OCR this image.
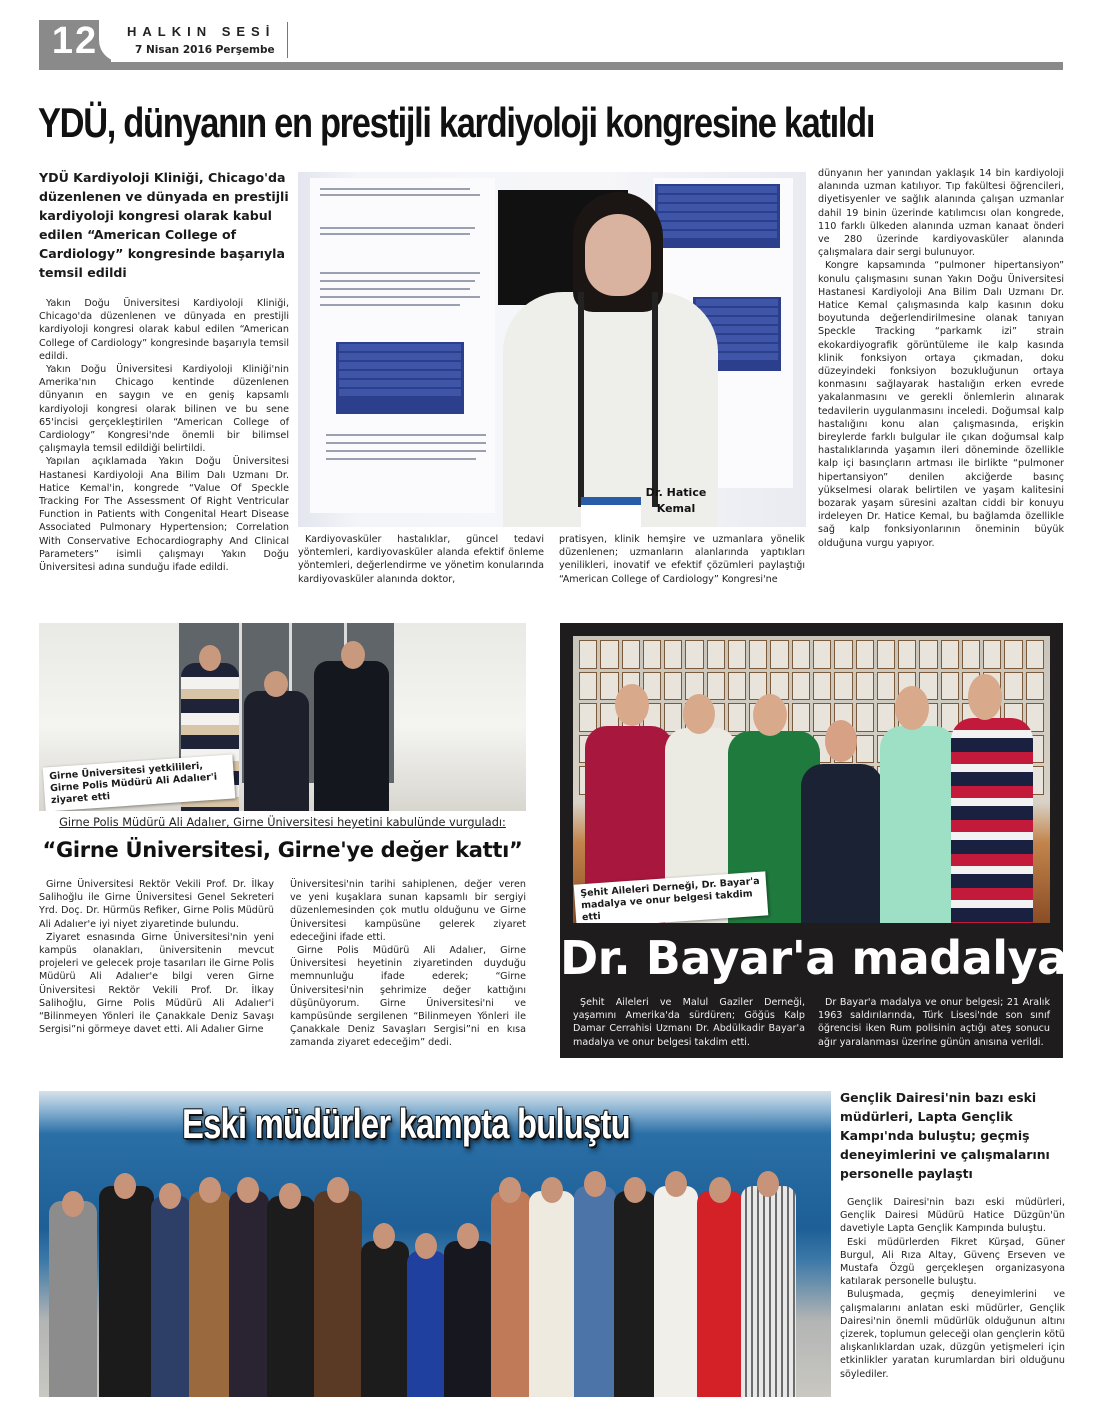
12	HALKIN SESİ
7 Nisan 2016 Perşembe
YDÜ, dünyanın en prestijli kardiyoloji kongresine katıldı
YDÜ Kardiyoloji Kliniği, Chicago'da düzenlenen ve dünyada en prestijli kardiyoloji kongresi olarak kabul edilen “American College of Cardiology” kongresinde başarıyla temsil edildi

Yakın Doğu Üniversitesi Kardiyoloji Kliniği, Chicago'da düzenlenen ve dünyada en prestijli kardiyoloji kongresi olarak kabul edilen “American College of Cardiology” kongresinde başarıyla temsil edildi.

Yakın Doğu Üniversitesi Kardiyoloji Kliniği'nin Amerika'nın Chicago kentinde düzenlenen dünyanın en saygın ve en geniş kapsamlı kardiyoloji kongresi olarak bilinen ve bu sene 65'incisi gerçekleştirilen “American College of Cardiology” Kongresi'nde önemli bir bilimsel çalışmayla temsil edildiği belirtildi.

Yapılan açıklamada Yakın Doğu Üniversitesi Hastanesi Kardiyoloji Ana Bilim Dalı Uzmanı Dr. Hatice Kemal'in, kongrede “Value Of Speckle Tracking For The Assessment Of Right Ventricular Function in Patients with Congenital Heart Disease Associated Pulmonary Hypertension; Correlation With Conservative Echocardiography And Clinical Parameters” isimli çalışmayı Yakın Doğu Üniversitesi adına sunduğu ifade edildi.

Dr. Hatice Kemal

Kardiyovasküler hastalıklar, güncel tedavi yöntemleri, kardiyovasküler alanda efektif önleme yöntemleri, değerlendirme ve yönetim konularında kardiyovasküler alanında doktor,

pratisyen, klinik hemşire ve uzmanlara yönelik düzenlenen; uzmanların alanlarında yaptıkları yenilikleri, inovatif ve efektif çözümleri paylaştığı “American College of Cardiology” Kongresi'ne

dünyanın her yanından yaklaşık 14 bin kardiyoloji alanında uzman katılıyor. Tıp fakültesi öğrencileri, diyetisyenler ve sağlık alanında çalışan uzmanlar dahil 19 binin üzerinde katılımcısı olan kongrede, 110 farklı ülkeden alanında uzman kanaat önderi ve 280 üzerinde kardiyovasküler alanında çalışmalara dair sergi bulunuyor.

Kongre kapsamında “pulmoner hipertansiyon” konulu çalışmasını sunan Yakın Doğu Üniversitesi Hastanesi Kardiyoloji Ana Bilim Dalı Uzmanı Dr. Hatice Kemal çalışmasında kalp kasının doku boyutunda değerlendirilmesine olanak tanıyan Speckle Tracking “parkamk izi” strain ekokardiyografik görüntüleme ile kalp kasında klinik fonksiyon ortaya çıkmadan, doku düzeyindeki fonksiyon bozukluğunun ortaya konmasını sağlayarak hastalığın erken evrede yakalanmasını ve gerekli önlemlerin alınarak tedavilerin uygulanmasını inceledi. Doğumsal kalp hastalığını konu alan çalışmasında, erişkin bireylerde farklı bulgular ile çıkan doğumsal kalp hastalıklarında yaşamın ileri döneminde özellikle kalp içi basınçların artması ile birlikte “pulmoner hipertansiyon” denilen akciğerde basınç yükselmesi olarak belirtilen ve yaşam kalitesini bozarak yaşam süresini azaltan ciddi bir konuyu irdeleyen Dr. Hatice Kemal, bu bağlamda özellikle sağ kalp fonksiyonlarının öneminin büyük olduğuna vurgu yapıyor.

Girne Üniversitesi yetkilileri, Girne Polis Müdürü Ali Adalıer'i ziyaret etti
Girne Polis Müdürü Ali Adalıer, Girne Üniversitesi heyetini kabulünde vurguladı:
“Girne Üniversitesi, Girne'ye değer kattı”

Girne Üniversitesi Rektör Vekili Prof. Dr. İlkay Salihoğlu ile Girne Üniversitesi Genel Sekreteri Yrd. Doç. Dr. Hürmüs Refiker, Girne Polis Müdürü Ali Adalıer'e iyi niyet ziyaretinde bulundu.

Ziyaret esnasında Girne Üniversitesi'nin yeni kampüs olanakları, üniversitenin mevcut projeleri ve gelecek proje tasarıları ile Girne Polis Müdürü Ali Adalıer'e bilgi veren Girne Üniversitesi Rektör Vekili Prof. Dr. İlkay Salihoğlu, Girne Polis Müdürü Ali Adalıer'i “Bilinmeyen Yönleri ile Çanakkale Deniz Savaşı Sergisi”ni görmeye davet etti. Ali Adalıer Girne

Üniversitesi'nin tarihi sahiplenen, değer veren ve yeni kuşaklara sunan kapsamlı bir sergiyi düzenlemesinden çok mutlu olduğunu ve Girne Üniversitesi kampüsüne gelerek ziyaret edeceğini ifade etti.

Girne Polis Müdürü Ali Adalıer, Girne Üniversitesi heyetinin ziyaretinden duyduğu memnunluğu ifade ederek; “Girne Üniversitesi'nin şehrimize değer kattığını düşünüyorum. Girne Üniversitesi'ni ve kampüsünde sergilenen “Bilinmeyen Yönleri ile Çanakkale Deniz Savaşları Sergisi”ni en kısa zamanda ziyaret edeceğim” dedi.

Şehit Aileleri Derneği, Dr. Bayar'a madalya ve onur belgesi takdim etti
Dr. Bayar'a madalya

Şehit Aileleri ve Malul Gaziler Derneği, yaşamını Amerika'da sürdüren; Göğüs Kalp Damar Cerrahisi Uzmanı Dr. Abdülkadir Bayar'a madalya ve onur belgesi takdim etti.

Dr Bayar'a madalya ve onur belgesi; 21 Aralık 1963 saldırılarında, Türk Lisesi'nde son sınıf öğrencisi iken Rum polisinin açtığı ateş sonucu ağır yaralanması üzerine günün anısına verildi.

Eski müdürler kampta buluştu
Gençlik Dairesi'nin bazı eski müdürleri, Lapta Gençlik Kampı'nda buluştu; geçmiş deneyimlerini ve çalışmalarını personelle paylaştı

Gençlik Dairesi'nin bazı eski müdürleri, Gençlik Dairesi Müdürü Hatice Düzgün'ün davetiyle Lapta Gençlik Kampında buluştu.

Eski müdürlerden Fikret Kürşad, Güner Burgul, Ali Rıza Altay, Güvenç Erseven ve Mustafa Özgü gerçekleşen organizasyona katılarak personelle buluştu.

Buluşmada, geçmiş deneyimlerini ve çalışmalarını anlatan eski müdürler, Gençlik Dairesi'nin önemli müdürlük olduğunun altını çizerek, toplumun geleceği olan gençlerin kötü alışkanlıklardan uzak, düzgün yetişmeleri için etkinlikler yaratan kurumlardan biri olduğunu söylediler.
